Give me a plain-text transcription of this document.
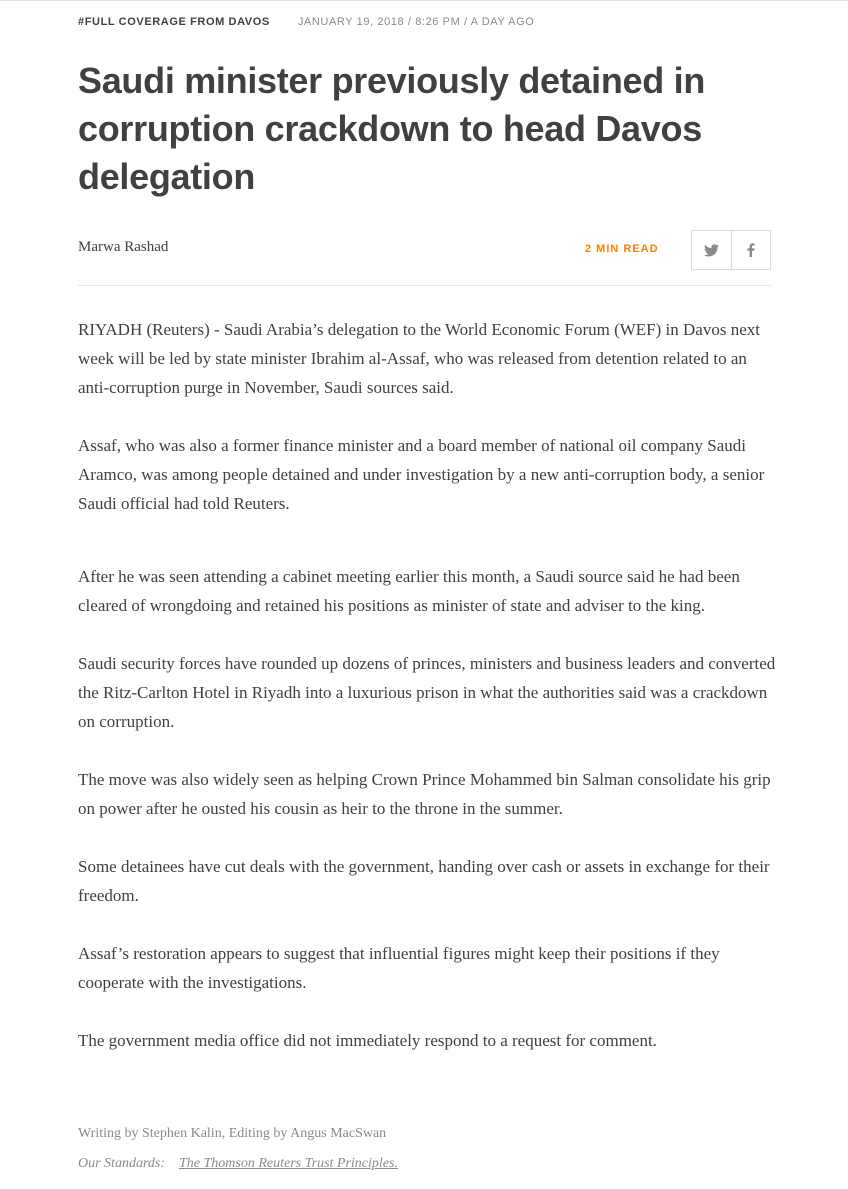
#FULL COVERAGE FROM DAVOS	JANUARY 19, 2018 / 8:26 PM / A DAY AGO
Saudi minister previously detained in corruption crackdown to head Davos delegation
Marwa Rashad	2 MIN READ

RIYADH (Reuters) - Saudi Arabia’s delegation to the World Economic Forum (WEF) in Davos next week will be led by state minister Ibrahim al-Assaf, who was released from detention related to an anti-corruption purge in November, Saudi sources said.

Assaf, who was also a former finance minister and a board member of national oil company Saudi Aramco, was among people detained and under investigation by a new anti-corruption body, a senior Saudi official had told Reuters.

After he was seen attending a cabinet meeting earlier this month, a Saudi source said he had been cleared of wrongdoing and retained his positions as minister of state and adviser to the king.

Saudi security forces have rounded up dozens of princes, ministers and business leaders and converted the Ritz-Carlton Hotel in Riyadh into a luxurious prison in what the authorities said was a crackdown on corruption.

The move was also widely seen as helping Crown Prince Mohammed bin Salman consolidate his grip on power after he ousted his cousin as heir to the throne in the summer.

Some detainees have cut deals with the government, handing over cash or assets in exchange for their freedom.

Assaf’s restoration appears to suggest that influential figures might keep their positions if they cooperate with the investigations.

The government media office did not immediately respond to a request for comment.

Writing by Stephen Kalin, Editing by Angus MacSwan
Our Standards: The Thomson Reuters Trust Principles.
